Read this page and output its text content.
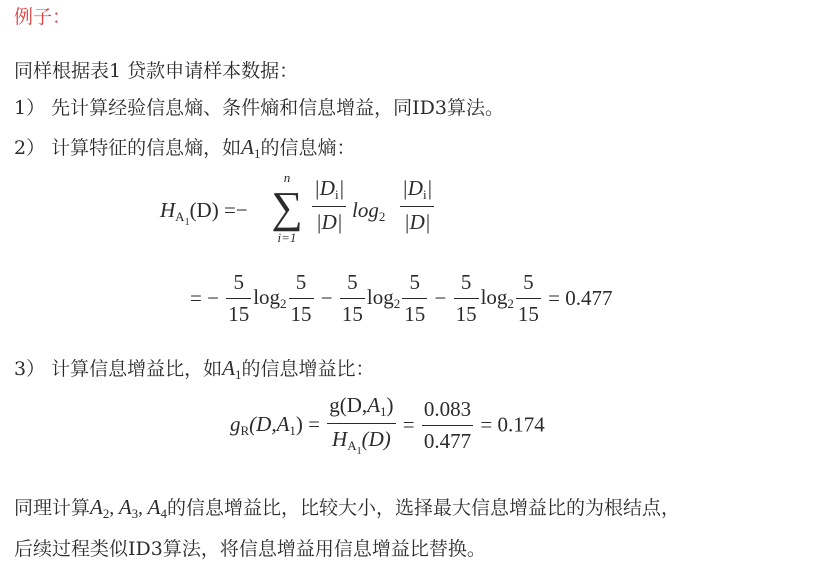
例子：
同样根据表1 贷款申请样本数据：
1） 先计算经验信息熵、条件熵和信息增益，同ID3算法。
2） 计算特征的信息熵，如$A_1$的信息熵：
$H_{A_1}(D)$ =−
n
∑
i=1
$\frac{|D_i|}{|D|} \log_2 \frac{|D_i|}{|D|}$
= − $\frac{5}{15} \log_2 \frac{5}{15} - \frac{5}{15} \log_2 \frac{5}{15} - \frac{5}{15} \log_2 \frac{5}{15} = 0.477$
3） 计算信息增益比，如$A_1$的信息增益比：
$g_R(D,A_1) = \frac{g(D,A_1)}{H_{A_1}(D)} = \frac{0.083}{0.477} = 0.174$
同理计算$A_2$, $A_3$, $A_4$的信息增益比，比较大小，选择最大信息增益比的为根结点，
后续过程类似ID3算法，将信息增益用信息增益比替换。
